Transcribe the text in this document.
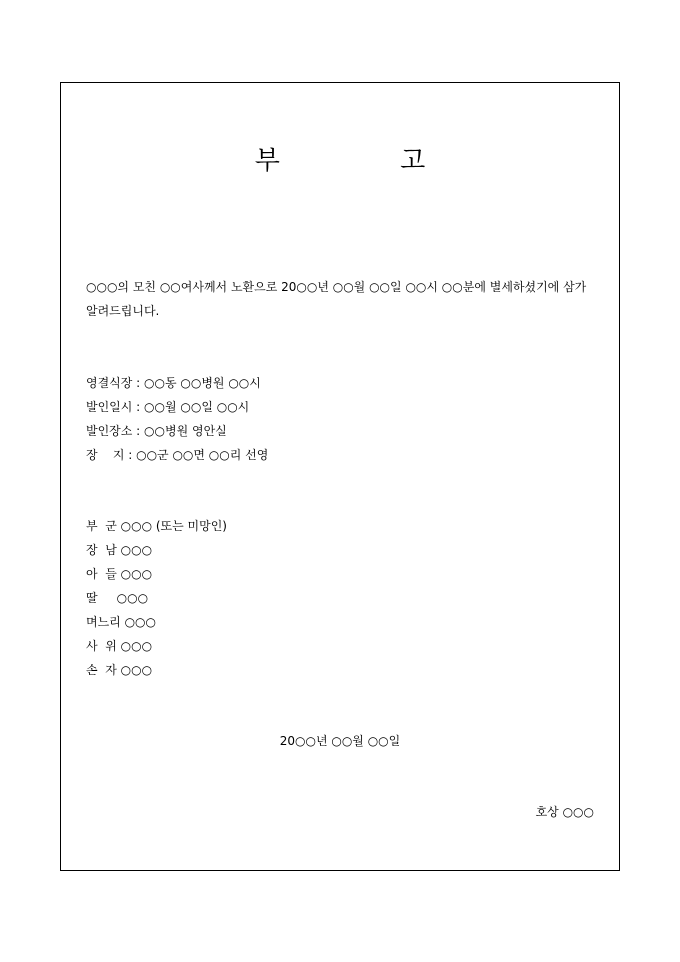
부 고
○○○의 모친 ○○여사께서 노환으로 20○○년 ○○월 ○○일 ○○시 ○○분에 별세하셨기에 삼가 알려드립니다.
영결식장 : ○○동 ○○병원 ○○시
발인일시 : ○○월 ○○일 ○○시
발인장소 : ○○병원 영안실
장    지 : ○○군 ○○면 ○○리 선영
부  군 ○○○ (또는 미망인)
장  남 ○○○
아  들 ○○○
딸     ○○○
며느리 ○○○
사  위 ○○○
손  자 ○○○
20○○년 ○○월 ○○일
호상 ○○○
